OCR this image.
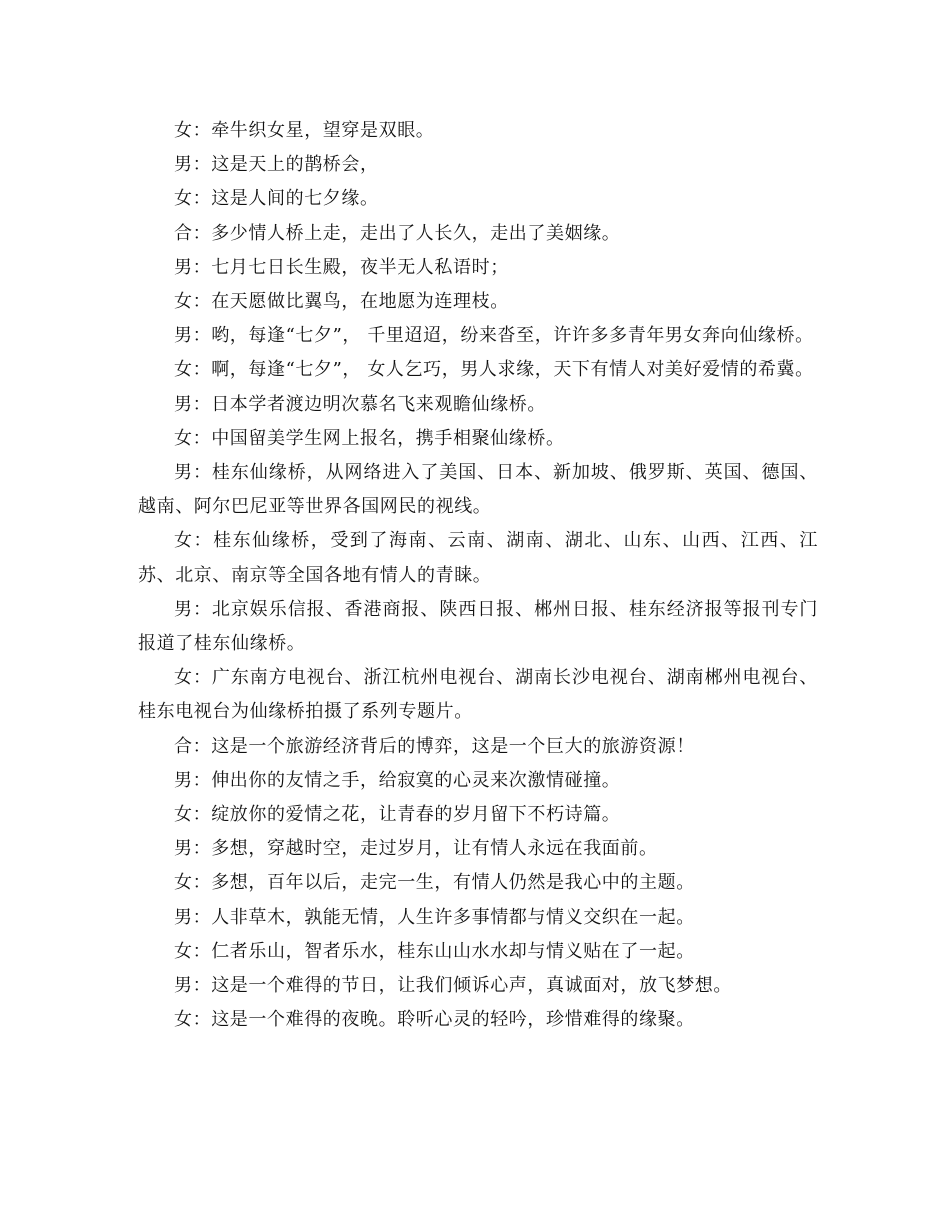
女：牵牛织女星，望穿是双眼。

男：这是天上的鹊桥会，

女：这是人间的七夕缘。

合：多少情人桥上走，走出了人长久，走出了美姻缘。

男：七月七日长生殿，夜半无人私语时；

女：在天愿做比翼鸟，在地愿为连理枝。

男：哟，每逢“七夕”， 千里迢迢，纷来沓至，许许多多青年男女奔向仙缘桥。

女：啊，每逢“七夕”， 女人乞巧，男人求缘，天下有情人对美好爱情的希冀。

男：日本学者渡边明次慕名飞来观瞻仙缘桥。

女：中国留美学生网上报名，携手相聚仙缘桥。

男：桂东仙缘桥，从网络进入了美国、日本、新加坡、俄罗斯、英国、德国、越南、阿尔巴尼亚等世界各国网民的视线。

女：桂东仙缘桥，受到了海南、云南、湖南、湖北、山东、山西、江西、江苏、北京、南京等全国各地有情人的青睐。

男：北京娱乐信报、香港商报、陕西日报、郴州日报、桂东经济报等报刊专门报道了桂东仙缘桥。

女：广东南方电视台、浙江杭州电视台、湖南长沙电视台、湖南郴州电视台、桂东电视台为仙缘桥拍摄了系列专题片。

合：这是一个旅游经济背后的博弈，这是一个巨大的旅游资源！

男：伸出你的友情之手，给寂寞的心灵来次激情碰撞。

女：绽放你的爱情之花，让青春的岁月留下不朽诗篇。

男：多想，穿越时空，走过岁月，让有情人永远在我面前。

女：多想，百年以后，走完一生，有情人仍然是我心中的主题。

男：人非草木，孰能无情，人生许多事情都与情义交织在一起。

女：仁者乐山，智者乐水，桂东山山水水却与情义贴在了一起。

男：这是一个难得的节日，让我们倾诉心声，真诚面对，放飞梦想。

女：这是一个难得的夜晚。聆听心灵的轻吟，珍惜难得的缘聚。
